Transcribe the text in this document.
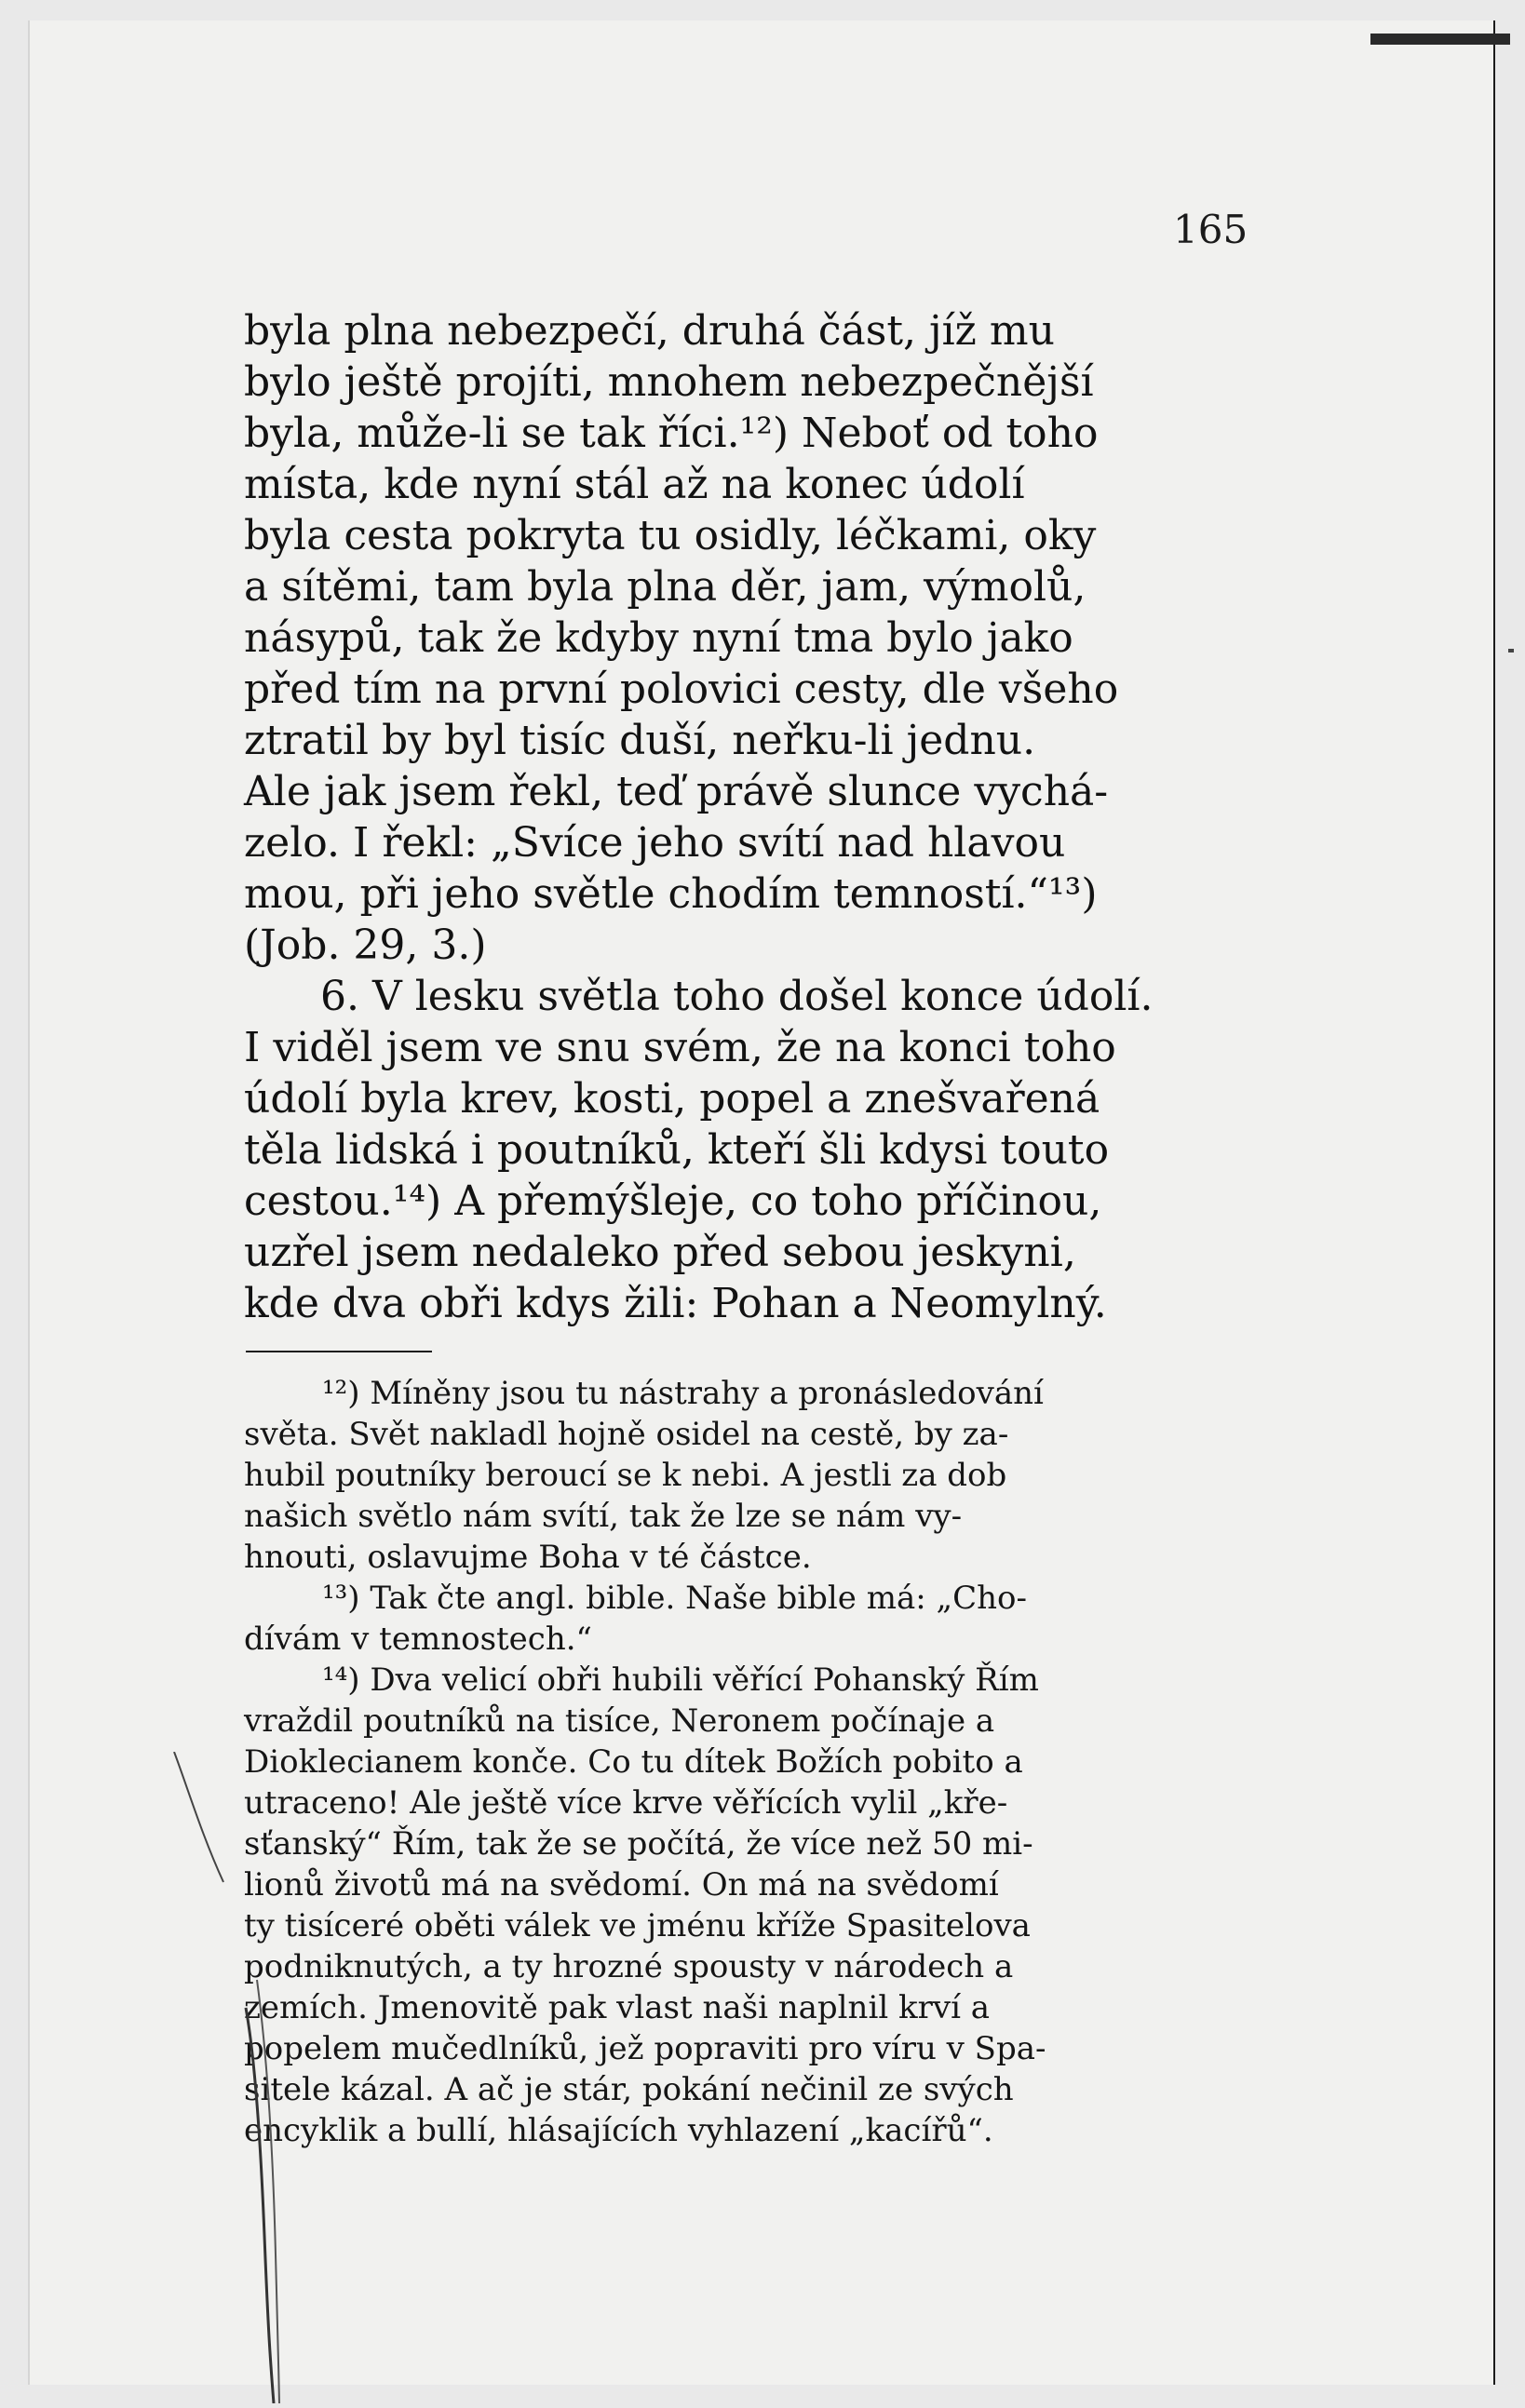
165

byla plna nebezpečí, druhá část, jíž mu
bylo ještě projíti, mnohem nebezpečnější
byla, může-li se tak říci.¹²) Neboť od toho
místa, kde nyní stál až na konec údolí
byla cesta pokryta tu osidly, léčkami, oky
a sítěmi, tam byla plna děr, jam, výmolů,
násypů, tak že kdyby nyní tma bylo jako
před tím na první polovici cesty, dle všeho
ztratil by byl tisíc duší, neřku-li jednu.
Ale jak jsem řekl, teď právě slunce vychá-
zelo. I řekl: „Svíce jeho svítí nad hlavou
mou, při jeho světle chodím temností.“¹³)
(Job. 29, 3.)
6. V lesku světla toho došel konce údolí.
I viděl jsem ve snu svém, že na konci toho
údolí byla krev, kosti, popel a znešvařená
těla lidská i poutníků, kteří šli kdysi touto
cestou.¹⁴) A přemýšleje, co toho příčinou,
uzřel jsem nedaleko před sebou jeskyni,
kde dva obři kdys žili: Pohan a Neomylný.
¹²) Míněny jsou tu nástrahy a pronásledování
světa. Svět nakladl hojně osidel na cestě, by za-
hubil poutníky beroucí se k nebi. A jestli za dob
našich světlo nám svítí, tak že lze se nám vy-
hnouti, oslavujme Boha v té částce.
¹³) Tak čte angl. bible. Naše bible má: „Cho-
dívám v temnostech.“
¹⁴) Dva velicí obři hubili věřící Pohanský Řím
vraždil poutníků na tisíce, Neronem počínaje a
Dioklecianem konče. Co tu dítek Božích pobito a
utraceno! Ale ještě více krve věřících vylil „kře-
sťanský“ Řím, tak že se počítá, že více než 50 mi-
lionů životů má na svědomí. On má na svědomí
ty tisíceré oběti válek ve jménu kříže Spasitelova
podniknutých, a ty hrozné spousty v národech a
zemích. Jmenovitě pak vlast naši naplnil krví a
popelem mučedlníků, jež popraviti pro víru v Spa-
sitele kázal. A ač je stár, pokání nečinil ze svých
encyklik a bullí, hlásajících vyhlazení „kacířů“.
